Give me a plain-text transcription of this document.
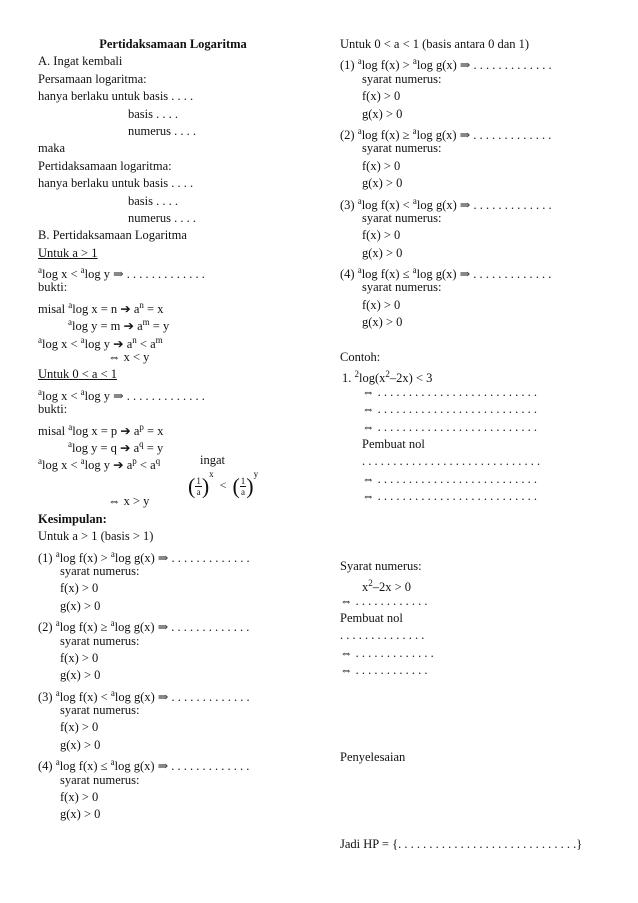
Pertidaksamaan Logaritma
A. Ingat kembali
Persamaan logaritma:
hanya berlaku untuk basis . . . .
basis . . . .
numerus . . . .
maka
Pertidaksamaan logaritma:
hanya berlaku untuk basis . . . .
basis . . . .
numerus . . . .
B. Pertidaksamaan Logaritma
Untuk a > 1
$^a$log x < $^a$log y ⇒ . . . . . . . . . . . . .
bukti:
misal $^a$log x = n ➔ $a^n = x$
$^a$log y = m ➔ $a^m = y$
$^a$log x < $^a$log y ➔ $a^n < a^m$
⇔ x < y
Untuk 0 < a < 1
$^a$log x < $^a$log y ⇒ . . . . . . . . . . . . .
bukti:
misal $^a$log x = p ➔ $a^p = x$
$^a$log y = q ➔ $a^q = y$
$^a$log x < $^a$log y ➔ $a^p < a^q$	ingat
( $\frac{1}{a} )^x$  < ( $\frac{1}{a} )^y$
⇔ x > y
Kesimpulan:
Untuk a > 1 (basis > 1)
(1) $^a$log f(x) > $^a$log g(x) ⇒ . . . . . . . . . . . . .
syarat numerus:
f(x) > 0
g(x) > 0
(2) $^a$log f(x) ≥ $^a$log g(x) ⇒ . . . . . . . . . . . . .
syarat numerus:
f(x) > 0
g(x) > 0
(3) $^a$log f(x) < $^a$log g(x) ⇒ . . . . . . . . . . . . .
syarat numerus:
f(x) > 0
g(x) > 0
(4) $^a$log f(x) ≤ $^a$log g(x) ⇒ . . . . . . . . . . . . .
syarat numerus:
f(x) > 0
g(x) > 0
Untuk 0 < a < 1 (basis antara 0 dan 1)
(1) $^a$log f(x) > $^a$log g(x) ⇒ . . . . . . . . . . . . .
syarat numerus:
f(x) > 0
g(x) > 0
(2) $^a$log f(x) ≥ $^a$log g(x) ⇒ . . . . . . . . . . . . .
syarat numerus:
f(x) > 0
g(x) > 0
(3) $^a$log f(x) < $^a$log g(x) ⇒ . . . . . . . . . . . . .
syarat numerus:
f(x) > 0
g(x) > 0
(4) $^a$log f(x) ≤ $^a$log g(x) ⇒ . . . . . . . . . . . . .
syarat numerus:
f(x) > 0
g(x) > 0
Contoh:
1. $^2\log(x^2-2x) < 3$
⇔ . . . . . . . . . . . . . . . . . . . . . . . . . .
⇔ . . . . . . . . . . . . . . . . . . . . . . . . . .
⇔ . . . . . . . . . . . . . . . . . . . . . . . . . .
Pembuat nol
. . . . . . . . . . . . . . . . . . . . . . . . . . . . .
⇔ . . . . . . . . . . . . . . . . . . . . . . . . . .
⇔ . . . . . . . . . . . . . . . . . . . . . . . . . .
Syarat numerus:
$x^2-2x > 0$
⇔ . . . . . . . . . . . .
Pembuat nol
. . . . . . . . . . . . . .
⇔ . . . . . . . . . . . . .
⇔ . . . . . . . . . . . .
Penyelesaian
Jadi HP = {. . . . . . . . . . . . . . . . . . . . . . . . . . . . .}
